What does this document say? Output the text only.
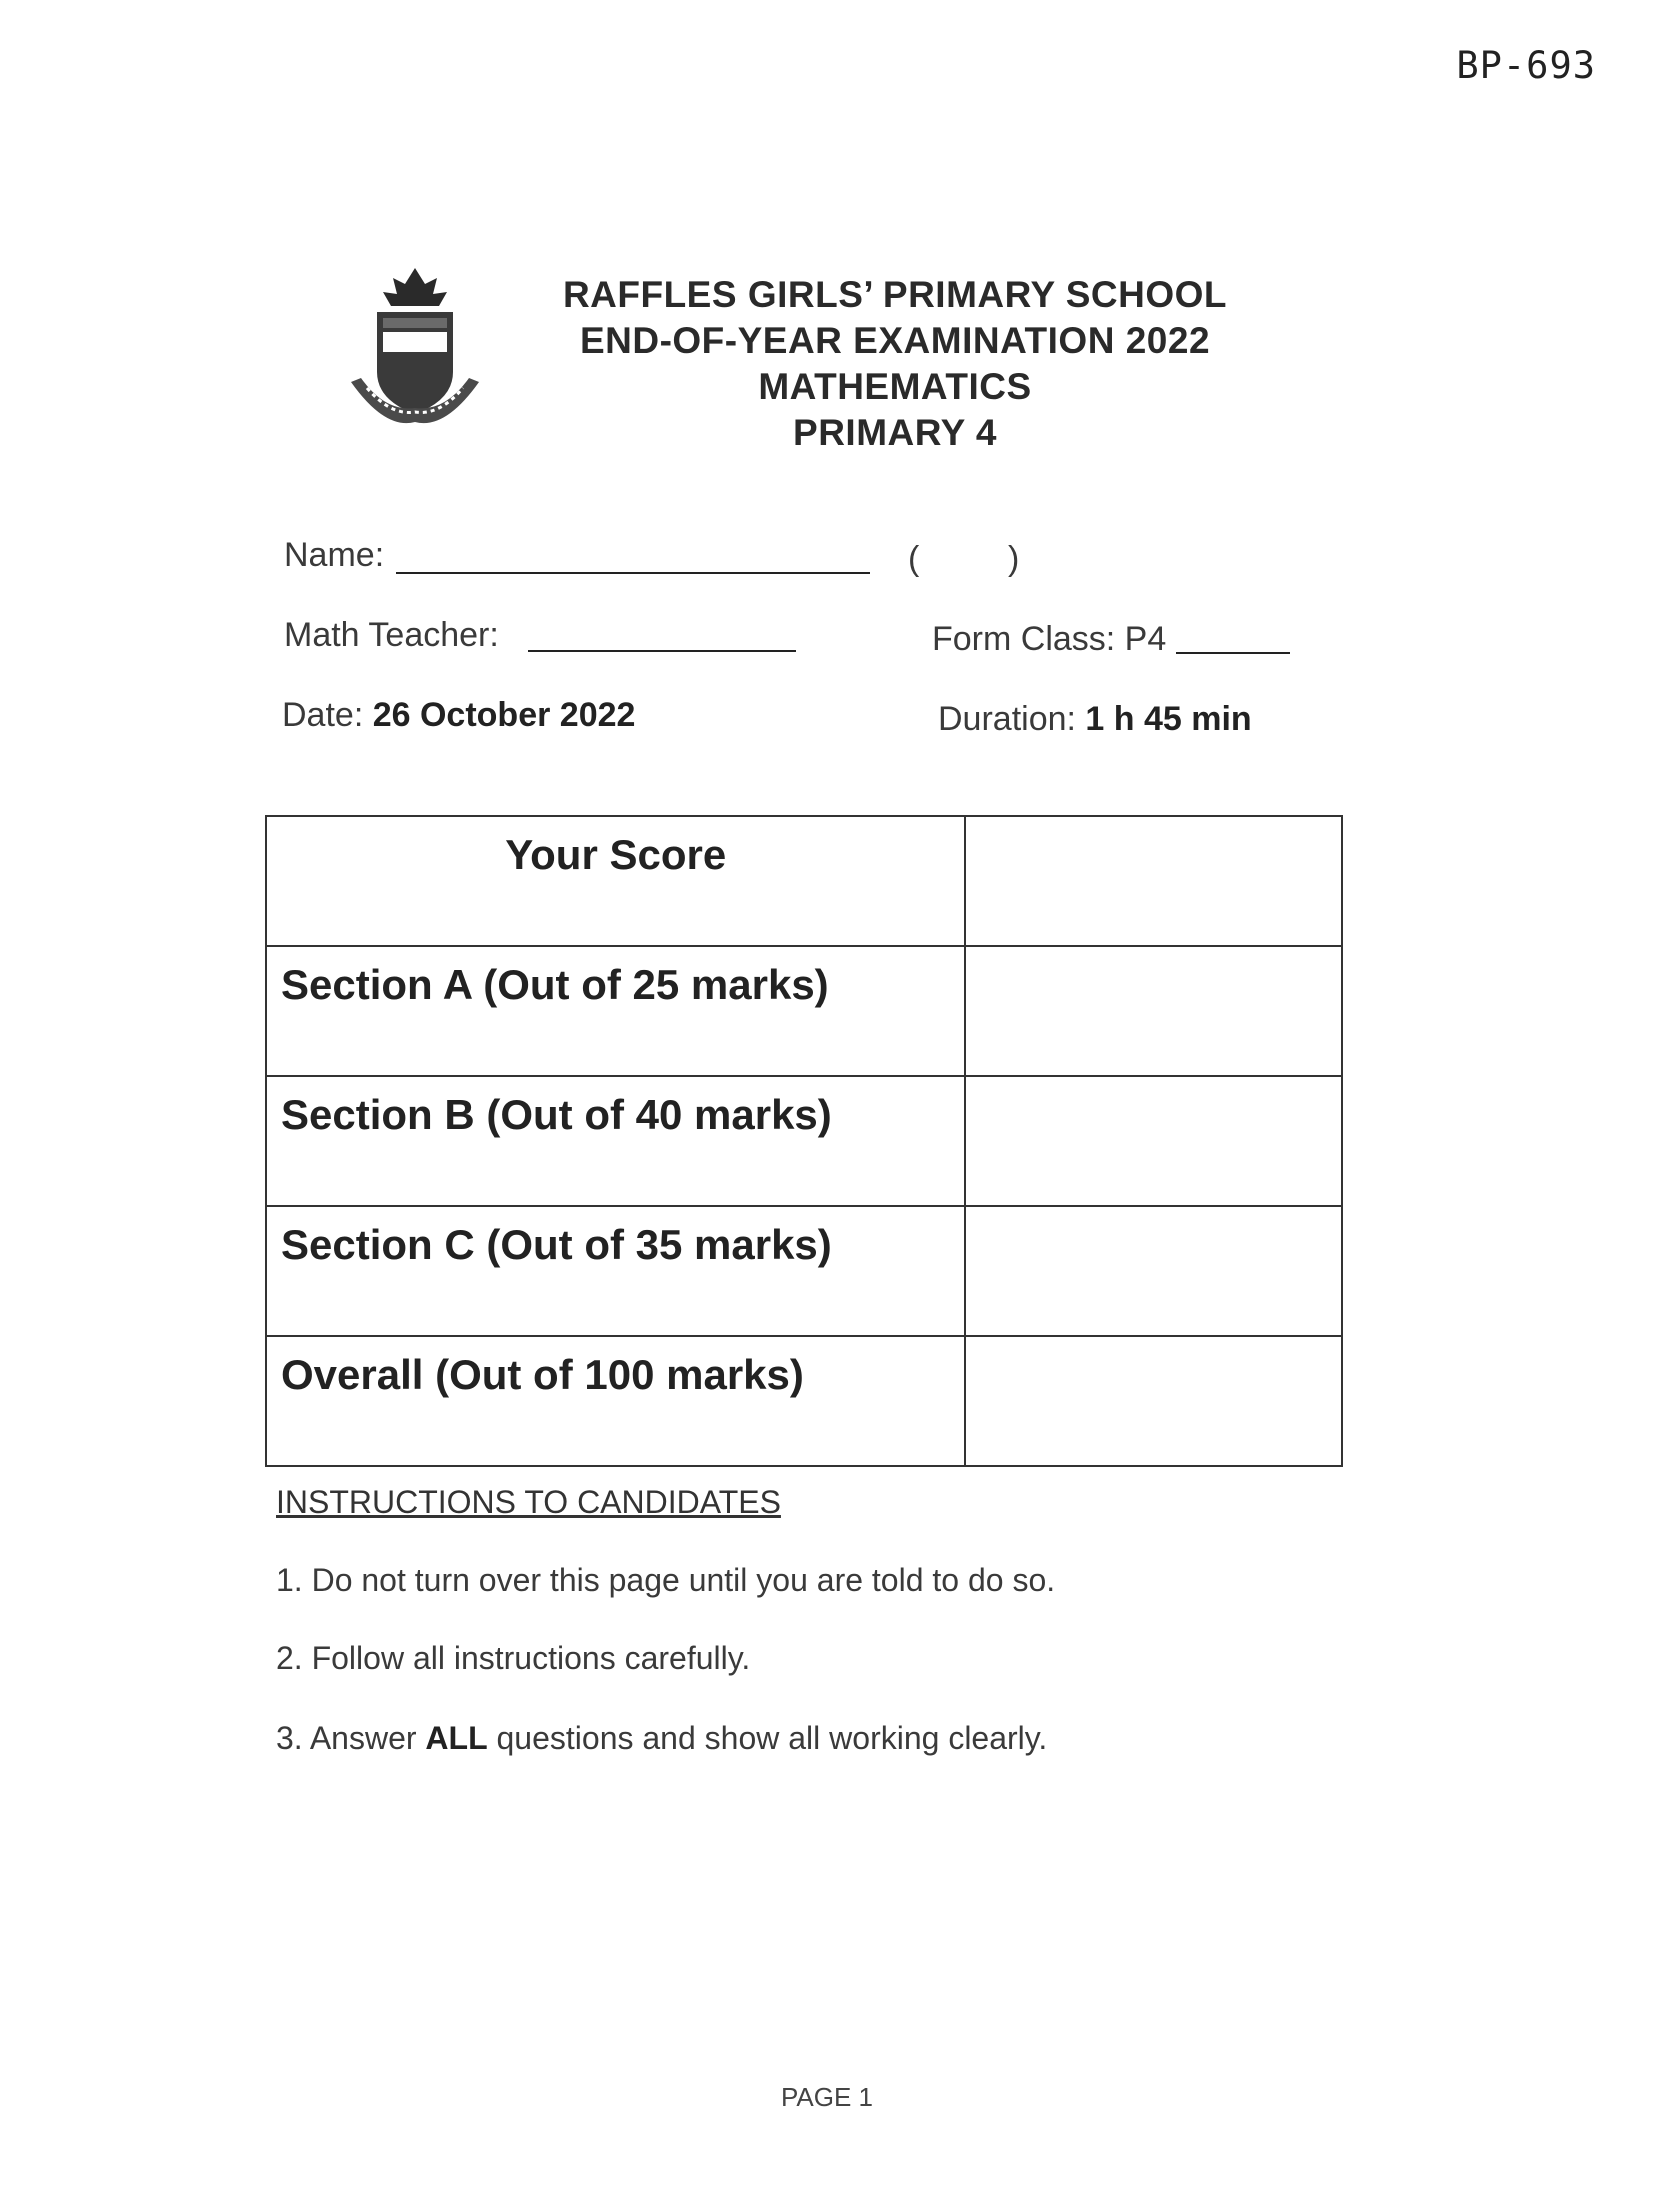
BP-693
RAFFLES GIRLS’ PRIMARY SCHOOL
END-OF-YEAR EXAMINATION 2022
MATHEMATICS
PRIMARY 4
Name:	(	)
Math Teacher:	Form Class: P4
Date: 26 October 2022	Duration: 1 h 45 min
Your Score	
Section A (Out of 25 marks)	
Section B (Out of 40 marks)	
Section C (Out of 35 marks)	
Overall (Out of 100 marks)	
INSTRUCTIONS TO CANDIDATES
1. Do not turn over this page until you are told to do so.
2. Follow all instructions carefully.
3. Answer ALL questions and show all working clearly.
PAGE 1
